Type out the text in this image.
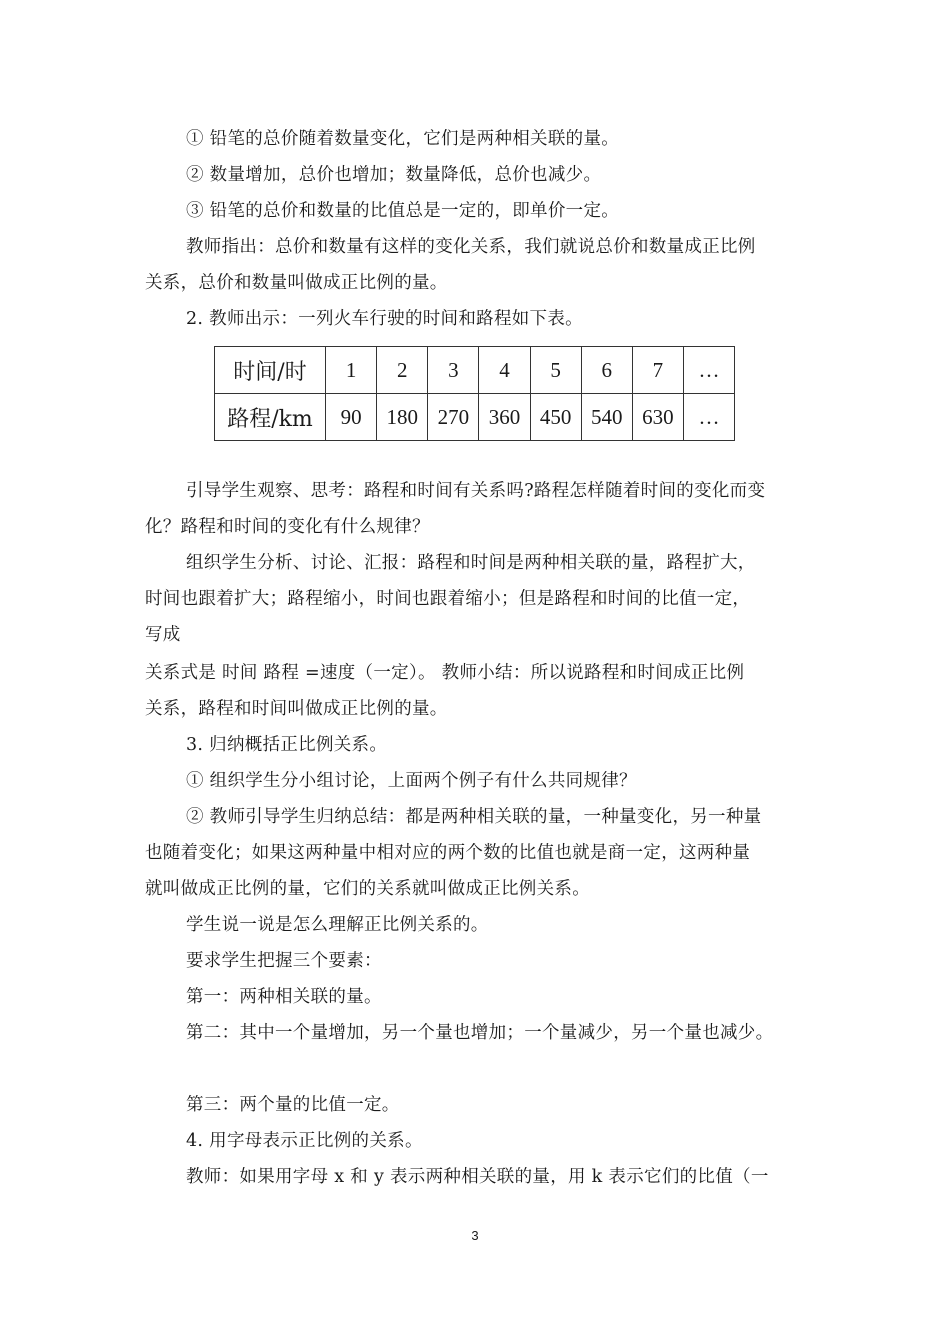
① 铅笔的总价随着数量变化，它们是两种相关联的量。
② 数量增加，总价也增加；数量降低，总价也减少。
③ 铅笔的总价和数量的比值总是一定的，即单价一定。
教师指出：总价和数量有这样的变化关系，我们就说总价和数量成正比例
关系，总价和数量叫做成正比例的量。
2. 教师出示：一列火车行驶的时间和路程如下表。
时间/时	1	2	3	4	5	6	7	…
路程/km	90	180	270	360	450	540	630	…
引导学生观察、思考：路程和时间有关系吗?路程怎样随着时间的变化而变
化？路程和时间的变化有什么规律？
组织学生分析、讨论、汇报：路程和时间是两种相关联的量，路程扩大，
时间也跟着扩大；路程缩小，时间也跟着缩小；但是路程和时间的比值一定，
写成
关系式是 时间 路程 =速度（一定）。 教师小结：所以说路程和时间成正比例
关系，路程和时间叫做成正比例的量。
3. 归纳概括正比例关系。
① 组织学生分小组讨论，上面两个例子有什么共同规律？
② 教师引导学生归纳总结：都是两种相关联的量，一种量变化，另一种量
也随着变化；如果这两种量中相对应的两个数的比值也就是商一定，这两种量
就叫做成正比例的量，它们的关系就叫做成正比例关系。
学生说一说是怎么理解正比例关系的。
要求学生把握三个要素：
第一：两种相关联的量。
第二：其中一个量增加，另一个量也增加；一个量减少，另一个量也减少。
第三：两个量的比值一定。
4. 用字母表示正比例的关系。
教师：如果用字母 x 和 y 表示两种相关联的量，用 k 表示它们的比值（一
3
